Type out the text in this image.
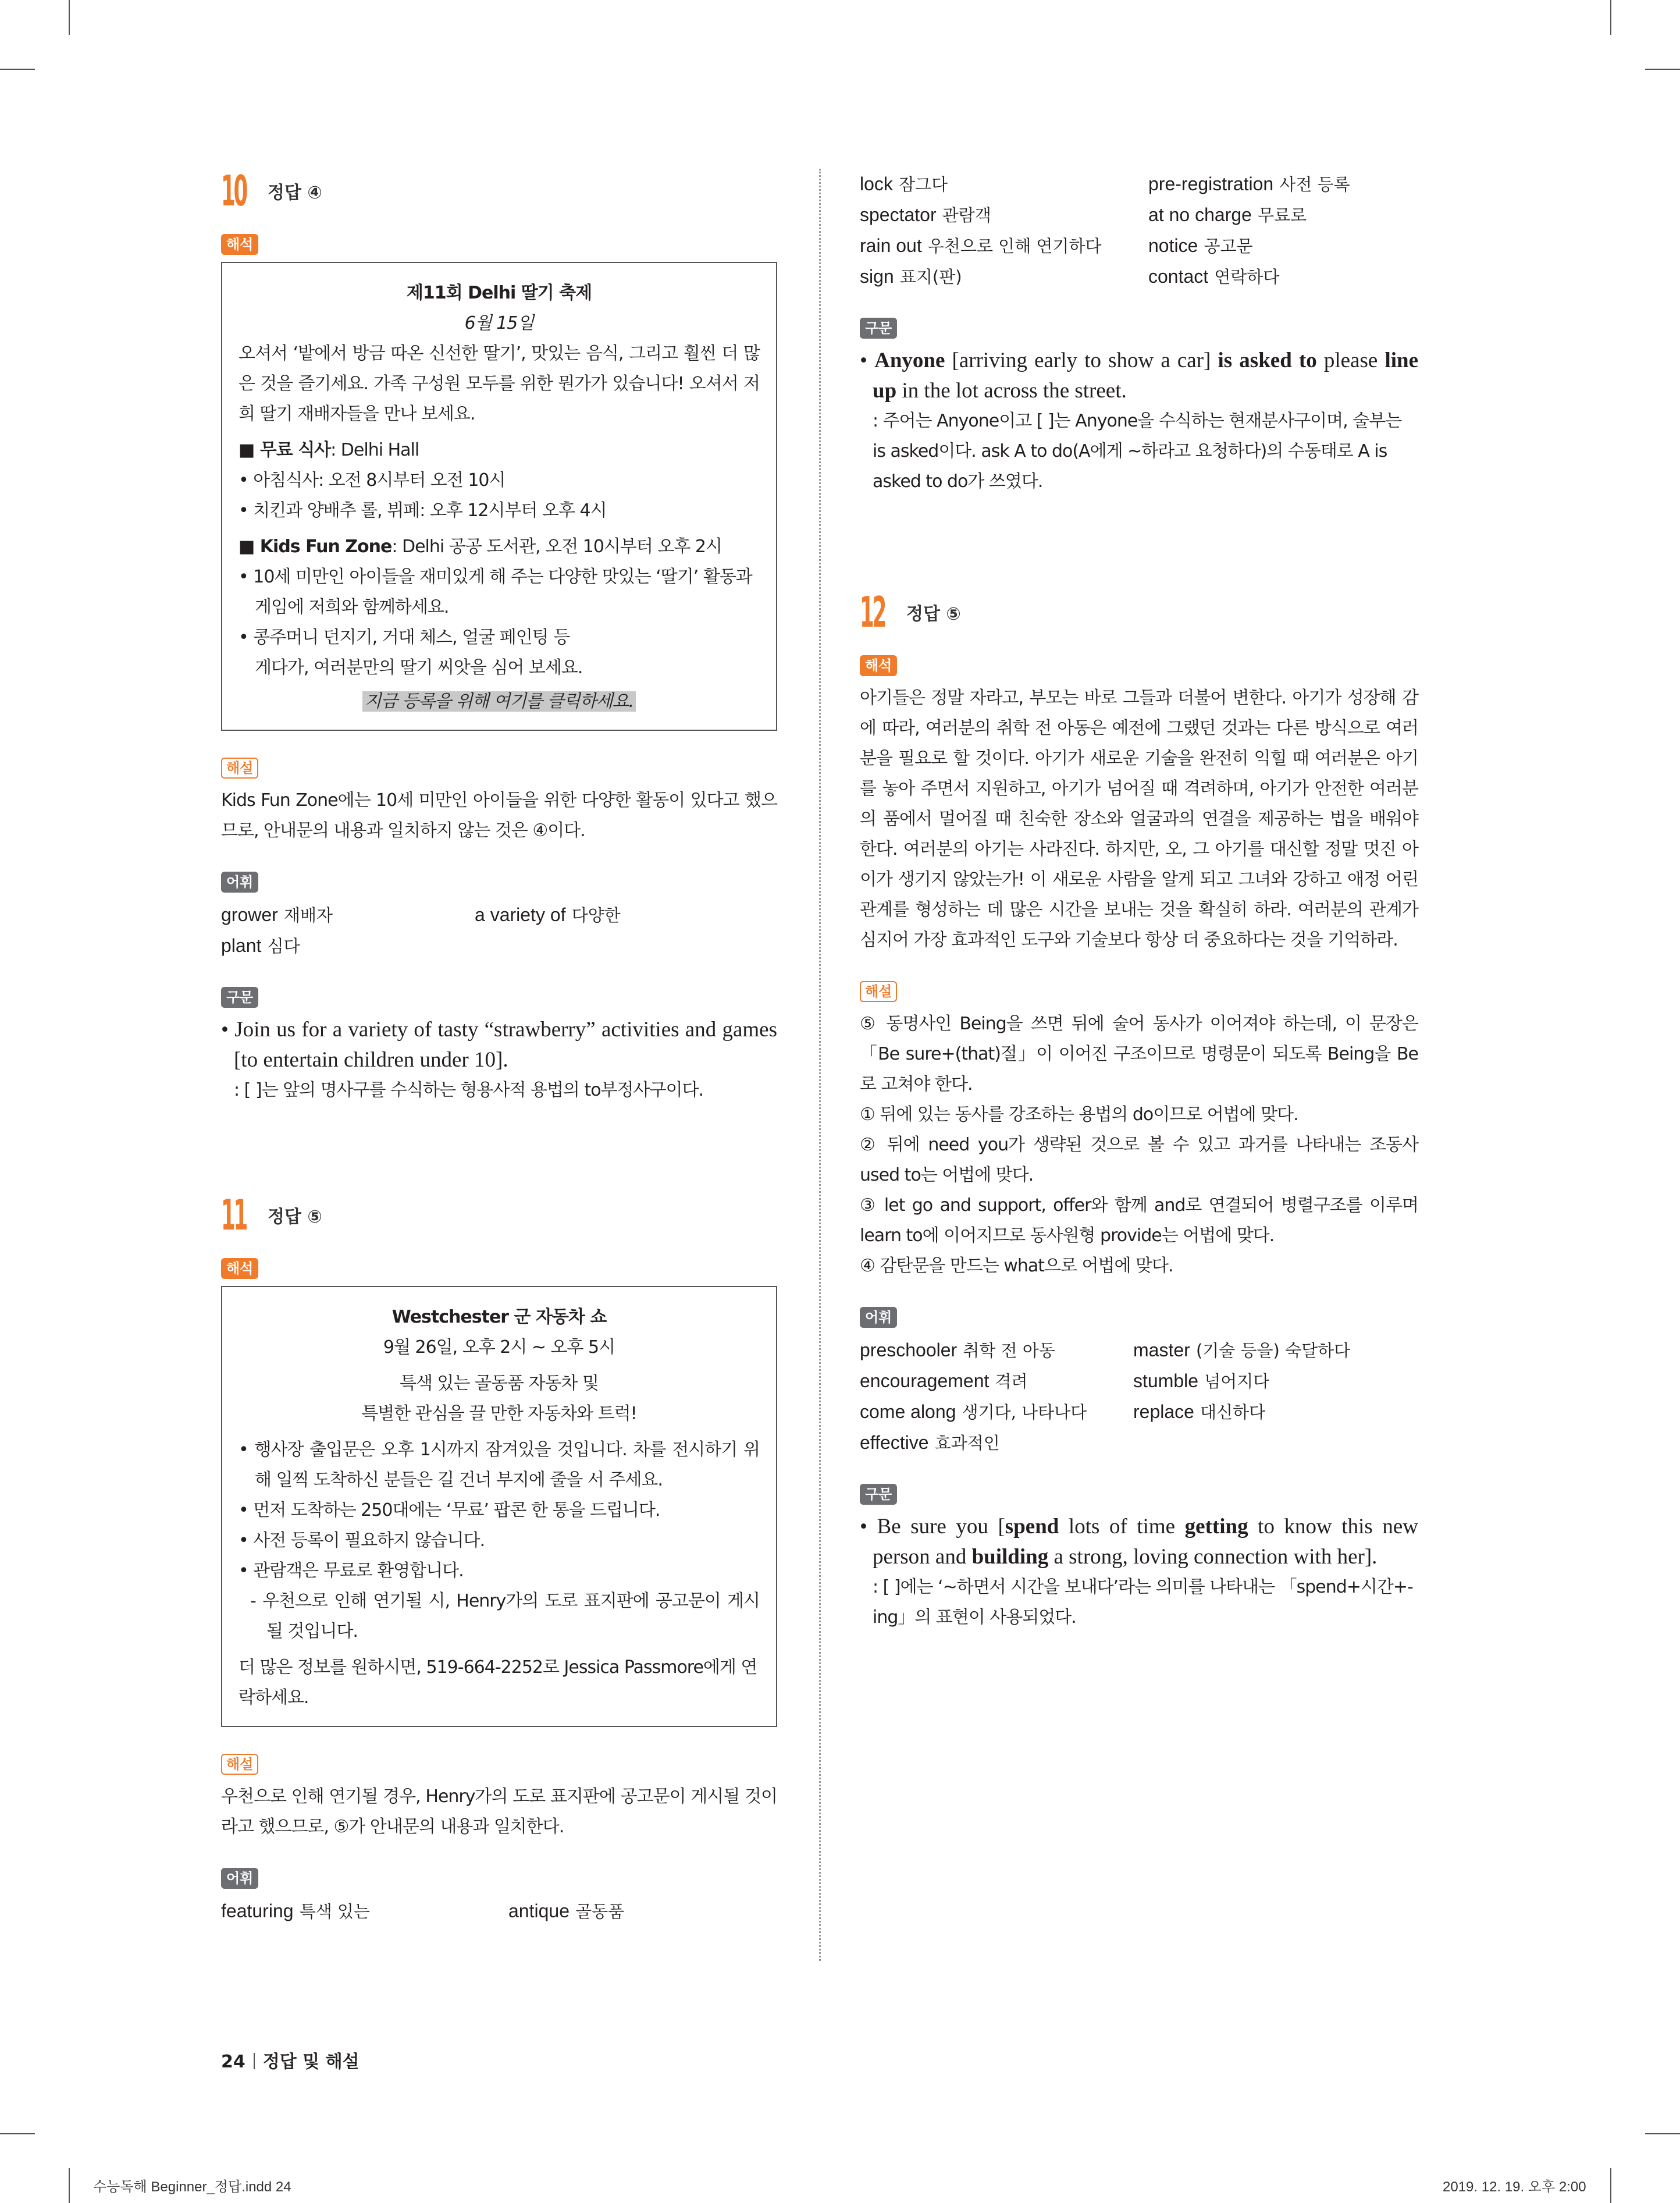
10 정답 ④
해석

제11회 Delhi 딸기 축제

6월 15일

오셔서 ‘밭에서 방금 따온 신선한 딸기’, 맛있는 음식, 그리고 훨씬 더 많은 것을 즐기세요. 가족 구성원 모두를 위한 뭔가가 있습니다! 오셔서 저희 딸기 재배자들을 만나 보세요.

■ 무료 식사: Delhi Hall

• 아침식사: 오전 8시부터 오전 10시

• 치킨과 양배추 롤, 뷔페: 오후 12시부터 오후 4시

■ Kids Fun Zone: Delhi 공공 도서관, 오전 10시부터 오후 2시

• 10세 미만인 아이들을 재미있게 해 주는 다양한 맛있는 ‘딸기’ 활동과 게임에 저희와 함께하세요.

• 콩주머니 던지기, 거대 체스, 얼굴 페인팅 등

게다가, 여러분만의 딸기 씨앗을 심어 보세요.

지금 등록을 위해 여기를 클릭하세요.

해설

Kids Fun Zone에는 10세 미만인 아이들을 위한 다양한 활동이 있다고 했으므로, 안내문의 내용과 일치하지 않는 것은 ④이다.

어휘
grower 재배자	a variety of 다양한
plant 심다
구문
• Join us for a variety of tasty “strawberry” activities and games [to entertain children under 10].
: [ ]는 앞의 명사구를 수식하는 형용사적 용법의 to부정사구이다.
11 정답 ⑤
해석

Westchester 군 자동차 쇼

9월 26일, 오후 2시 ~ 오후 5시

특색 있는 골동품 자동차 및

특별한 관심을 끌 만한 자동차와 트럭!

• 행사장 출입문은 오후 1시까지 잠겨있을 것입니다. 차를 전시하기 위해 일찍 도착하신 분들은 길 건너 부지에 줄을 서 주세요.

• 먼저 도착하는 250대에는 ‘무료’ 팝콘 한 통을 드립니다.

• 사전 등록이 필요하지 않습니다.

• 관람객은 무료로 환영합니다.

- 우천으로 인해 연기될 시, Henry가의 도로 표지판에 공고문이 게시될 것입니다.

더 많은 정보를 원하시면, 519-664-2252로 Jessica Passmore에게 연락하세요.

해설

우천으로 인해 연기될 경우, Henry가의 도로 표지판에 공고문이 게시될 것이라고 했으므로, ⑤가 안내문의 내용과 일치한다.

어휘
featuring 특색 있는	antique 골동품
lock 잠그다	pre-registration 사전 등록
spectator 관람객	at no charge 무료로
rain out 우천으로 인해 연기하다	notice 공고문
sign 표지(판)	contact 연락하다
구문
• Anyone [arriving early to show a car] is asked to please line up in the lot across the street.
: 주어는 Anyone이고 [ ]는 Anyone을 수식하는 현재분사구이며, 술부는 is asked이다. ask A to do(A에게 ~하라고 요청하다)의 수동태로 A is asked to do가 쓰였다.
12 정답 ⑤
해석

아기들은 정말 자라고, 부모는 바로 그들과 더불어 변한다. 아기가 성장해 감에 따라, 여러분의 취학 전 아동은 예전에 그랬던 것과는 다른 방식으로 여러분을 필요로 할 것이다. 아기가 새로운 기술을 완전히 익힐 때 여러분은 아기를 놓아 주면서 지원하고, 아기가 넘어질 때 격려하며, 아기가 안전한 여러분의 품에서 멀어질 때 친숙한 장소와 얼굴과의 연결을 제공하는 법을 배워야 한다. 여러분의 아기는 사라진다. 하지만, 오, 그 아기를 대신할 정말 멋진 아이가 생기지 않았는가! 이 새로운 사람을 알게 되고 그녀와 강하고 애정 어린 관계를 형성하는 데 많은 시간을 보내는 것을 확실히 하라. 여러분의 관계가 심지어 가장 효과적인 도구와 기술보다 항상 더 중요하다는 것을 기억하라.

해설
⑤ 동명사인 Being을 쓰면 뒤에 술어 동사가 이어져야 하는데, 이 문장은 「Be sure+(that)절」이 이어진 구조이므로 명령문이 되도록 Being을 Be로 고쳐야 한다.
① 뒤에 있는 동사를 강조하는 용법의 do이므로 어법에 맞다.
② 뒤에 need you가 생략된 것으로 볼 수 있고 과거를 나타내는 조동사 used to는 어법에 맞다.
③ let go and support, offer와 함께 and로 연결되어 병렬구조를 이루며 learn to에 이어지므로 동사원형 provide는 어법에 맞다.
④ 감탄문을 만드는 what으로 어법에 맞다.
어휘
preschooler 취학 전 아동	master (기술 등을) 숙달하다
encouragement 격려	stumble 넘어지다
come along 생기다, 나타나다	replace 대신하다
effective 효과적인
구문
• Be sure you [spend lots of time getting to know this new person and building a strong, loving connection with her].
: [ ]에는 ‘~하면서 시간을 보내다’라는 의미를 나타내는 「spend+시간+-ing」의 표현이 사용되었다.
24 정답 및 해설
수능독해 Beginner_정답.indd 24	2019. 12. 19. 오후 2:00
